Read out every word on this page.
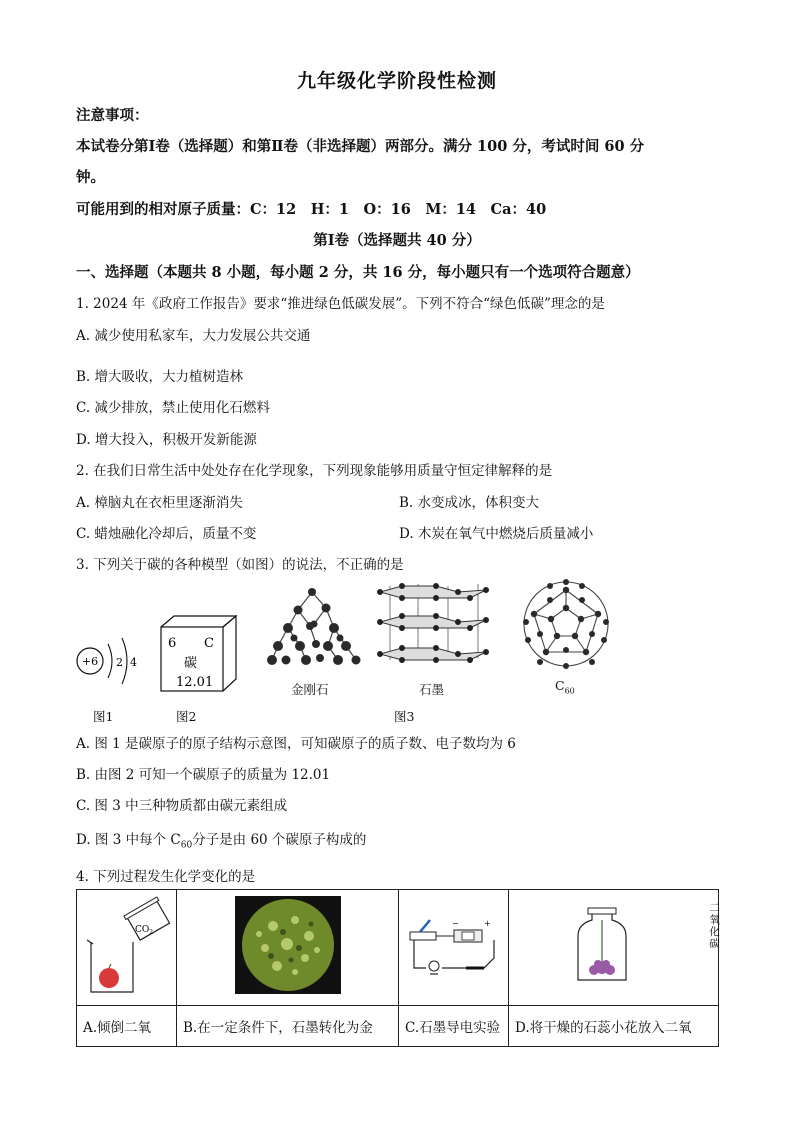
九年级化学阶段性检测
注意事项：
本试卷分第Ⅰ卷（选择题）和第Ⅱ卷（非选择题）两部分。满分 100 分，考试时间 60 分
钟。
可能用到的相对原子质量：C：12　H：1　O：16　M：14　Ca：40
第Ⅰ卷（选择题共 40 分）
一、选择题（本题共 8 小题，每小题 2 分，共 16 分，每小题只有一个选项符合题意）
1. 2024 年《政府工作报告》要求“推进绿色低碳发展”。下列不符合“绿色低碳”理念的是
A. 减少使用私家车，大力发展公共交通
B. 增大吸收，大力植树造林
C. 减少排放，禁止使用化石燃料
D. 增大投入，积极开发新能源
2. 在我们日常生活中处处存在化学现象，下列现象能够用质量守恒定律解释的是
A. 樟脑丸在衣柜里逐渐消失	B. 水变成冰，体积变大
C. 蜡烛融化冷却后，质量不变	D. 木炭在氧气中燃烧后质量减小
3. 下列关于碳的各种模型（如图）的说法，不正确的是
+6 2 4
图1
6 C
碳
12.01
图2
金刚石	石墨	$C_{60}$
图3
A. 图 1 是碳原子的原子结构示意图，可知碳原子的质子数、电子数均为 6
B. 由图 2 可知一个碳原子的质量为 12.01
C. 图 3 中三种物质都由碳元素组成
D. 图 3 中每个 $C_{60}$分子是由 60 个碳原子构成的
4. 下列过程发生化学变化的是
$CO_2$		− +	二氧化碳

A.倾倒二氧	B.在一定条件下，石墨转化为金	C.石墨导电实验	D.将干燥的石蕊小花放入二氧
